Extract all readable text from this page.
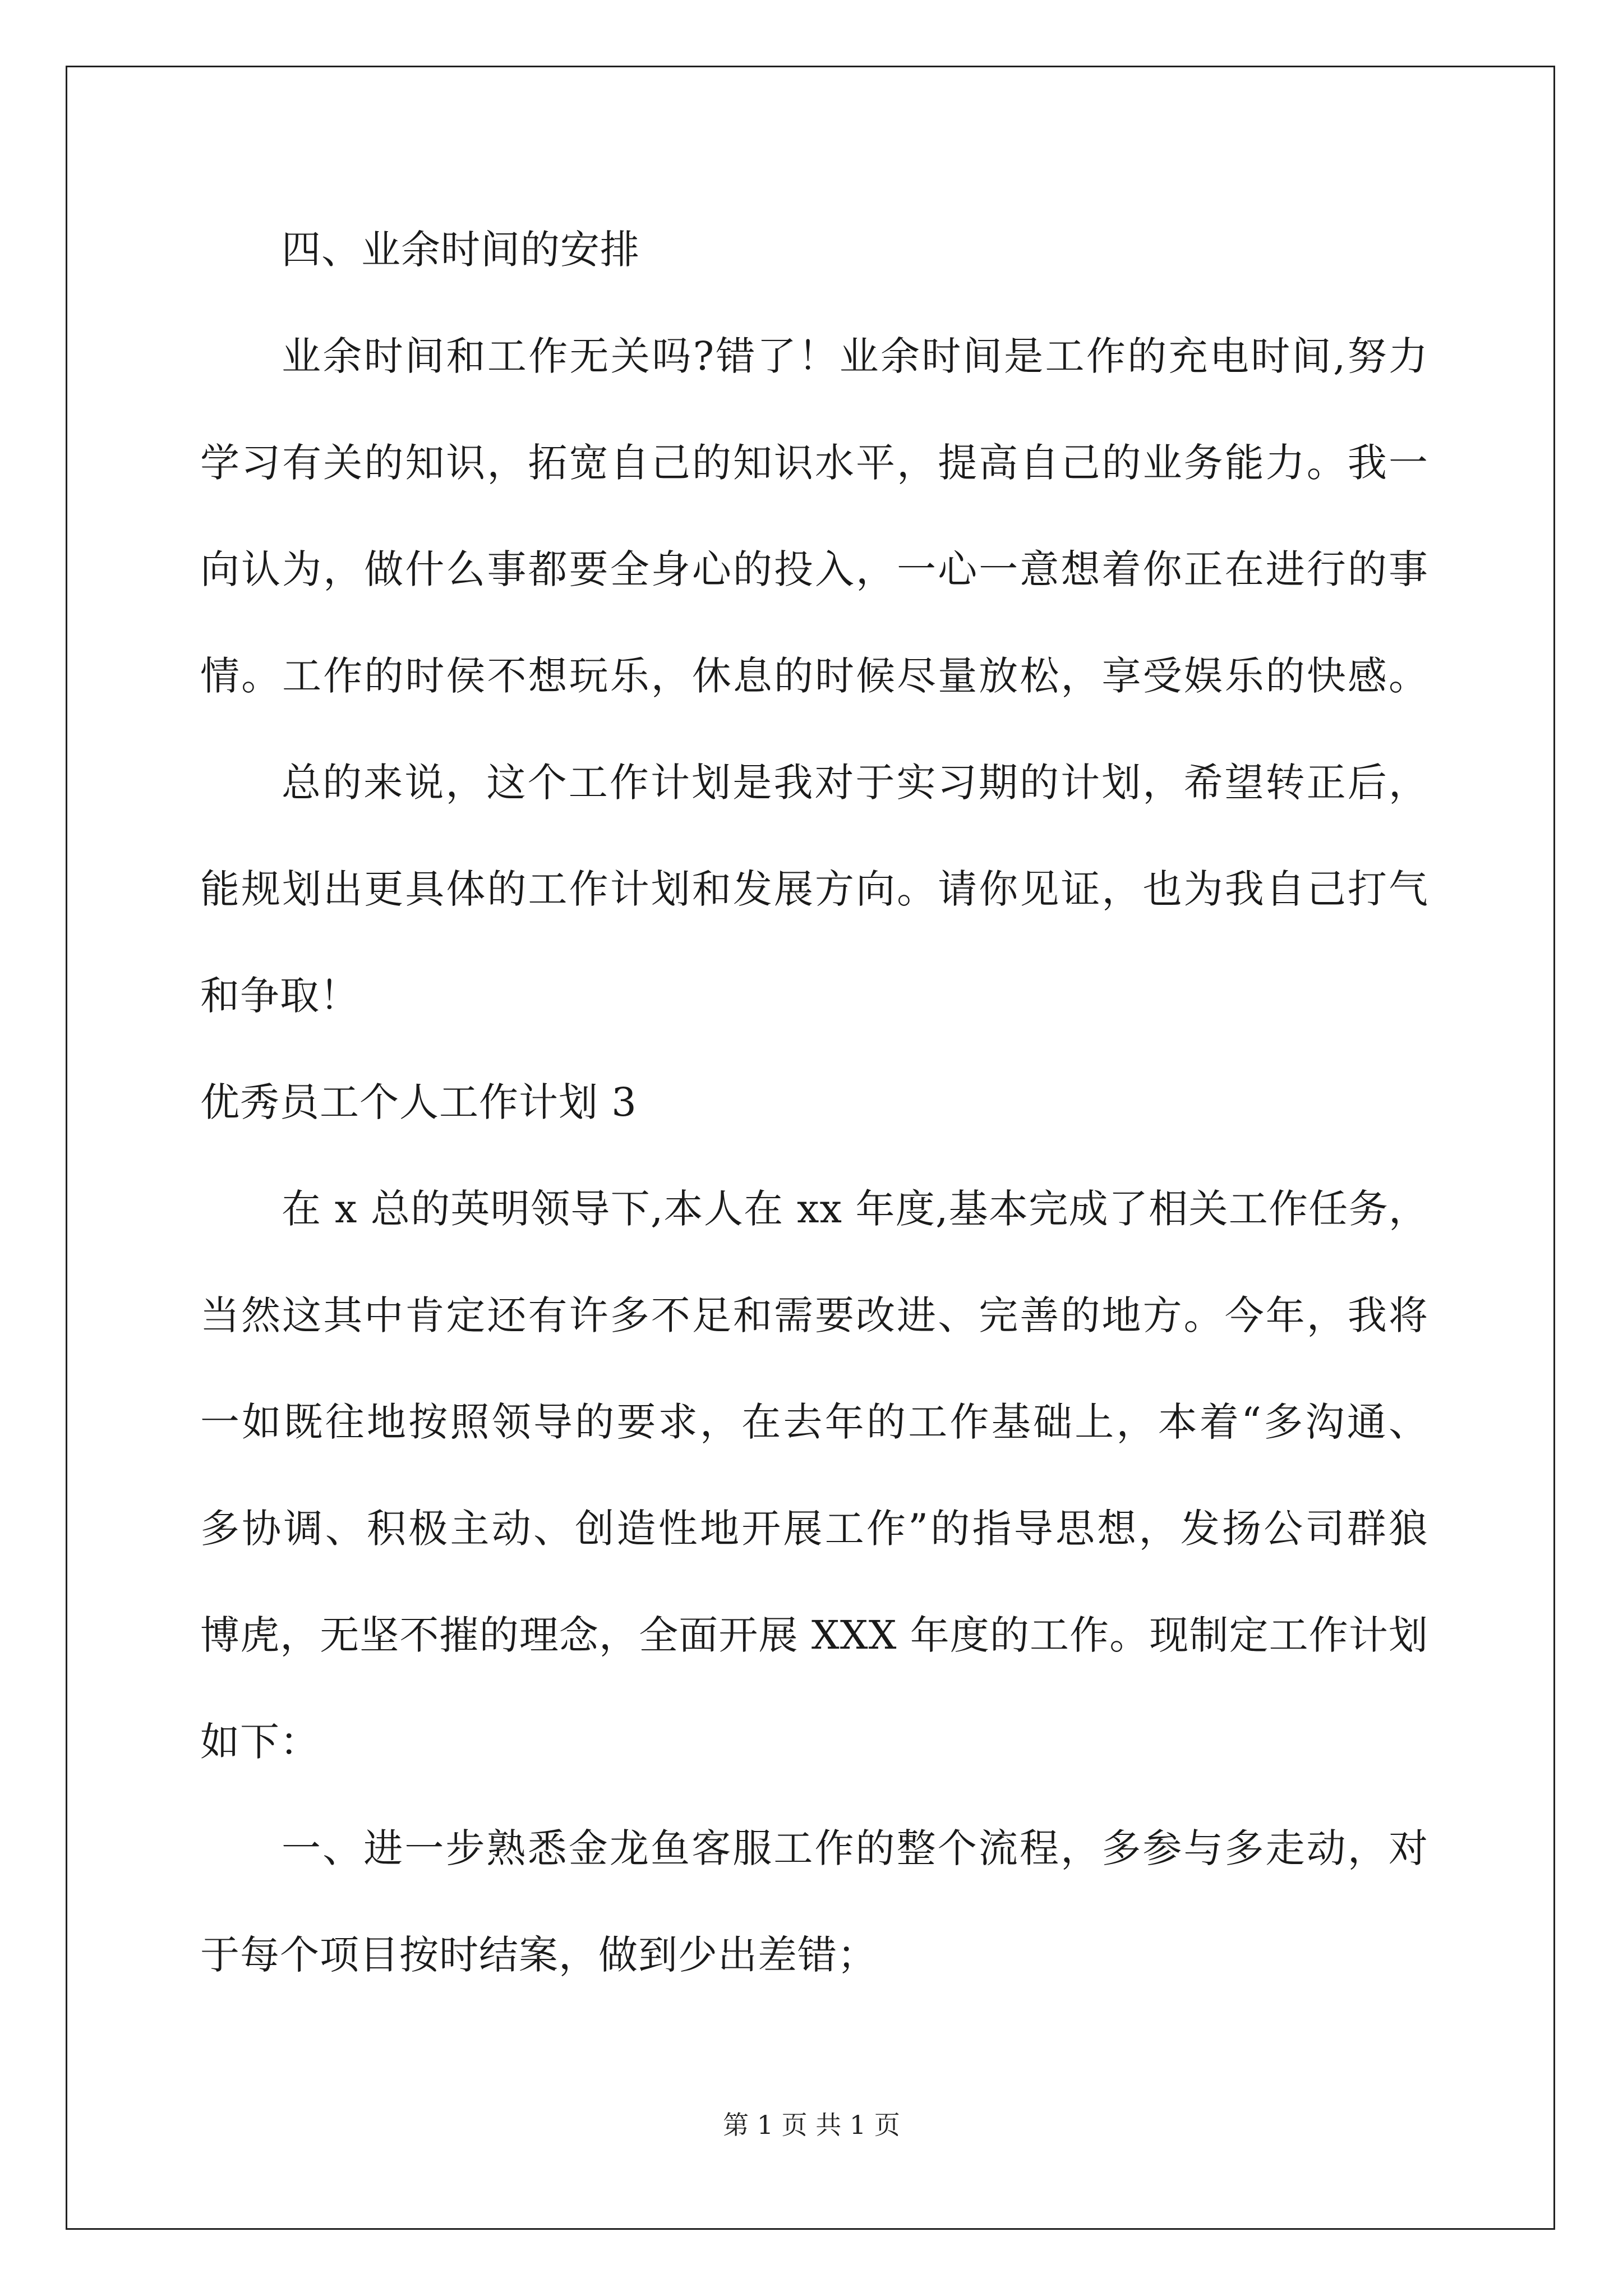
四、业余时间的安排
业余时间和工作无关吗?错了！业余时间是工作的充电时间,努力
学习有关的知识，拓宽自己的知识水平，提高自己的业务能力。我一
向认为，做什么事都要全身心的投入，一心一意想着你正在进行的事
情。工作的时侯不想玩乐，休息的时候尽量放松，享受娱乐的快感。
总的来说，这个工作计划是我对于实习期的计划，希望转正后，
能规划出更具体的工作计划和发展方向。请你见证，也为我自己打气
和争取！
优秀员工个人工作计划 3
在 x 总的英明领导下,本人在 xx 年度,基本完成了相关工作任务，
当然这其中肯定还有许多不足和需要改进、完善的地方。今年，我将
一如既往地按照领导的要求，在去年的工作基础上，本着“多沟通、
多协调、积极主动、创造性地开展工作”的指导思想，发扬公司群狼
博虎，无坚不摧的理念，全面开展 XXX 年度的工作。现制定工作计划
如下：
一、进一步熟悉金龙鱼客服工作的整个流程，多参与多走动，对
于每个项目按时结案，做到少出差错；
第 1 页 共 1 页
